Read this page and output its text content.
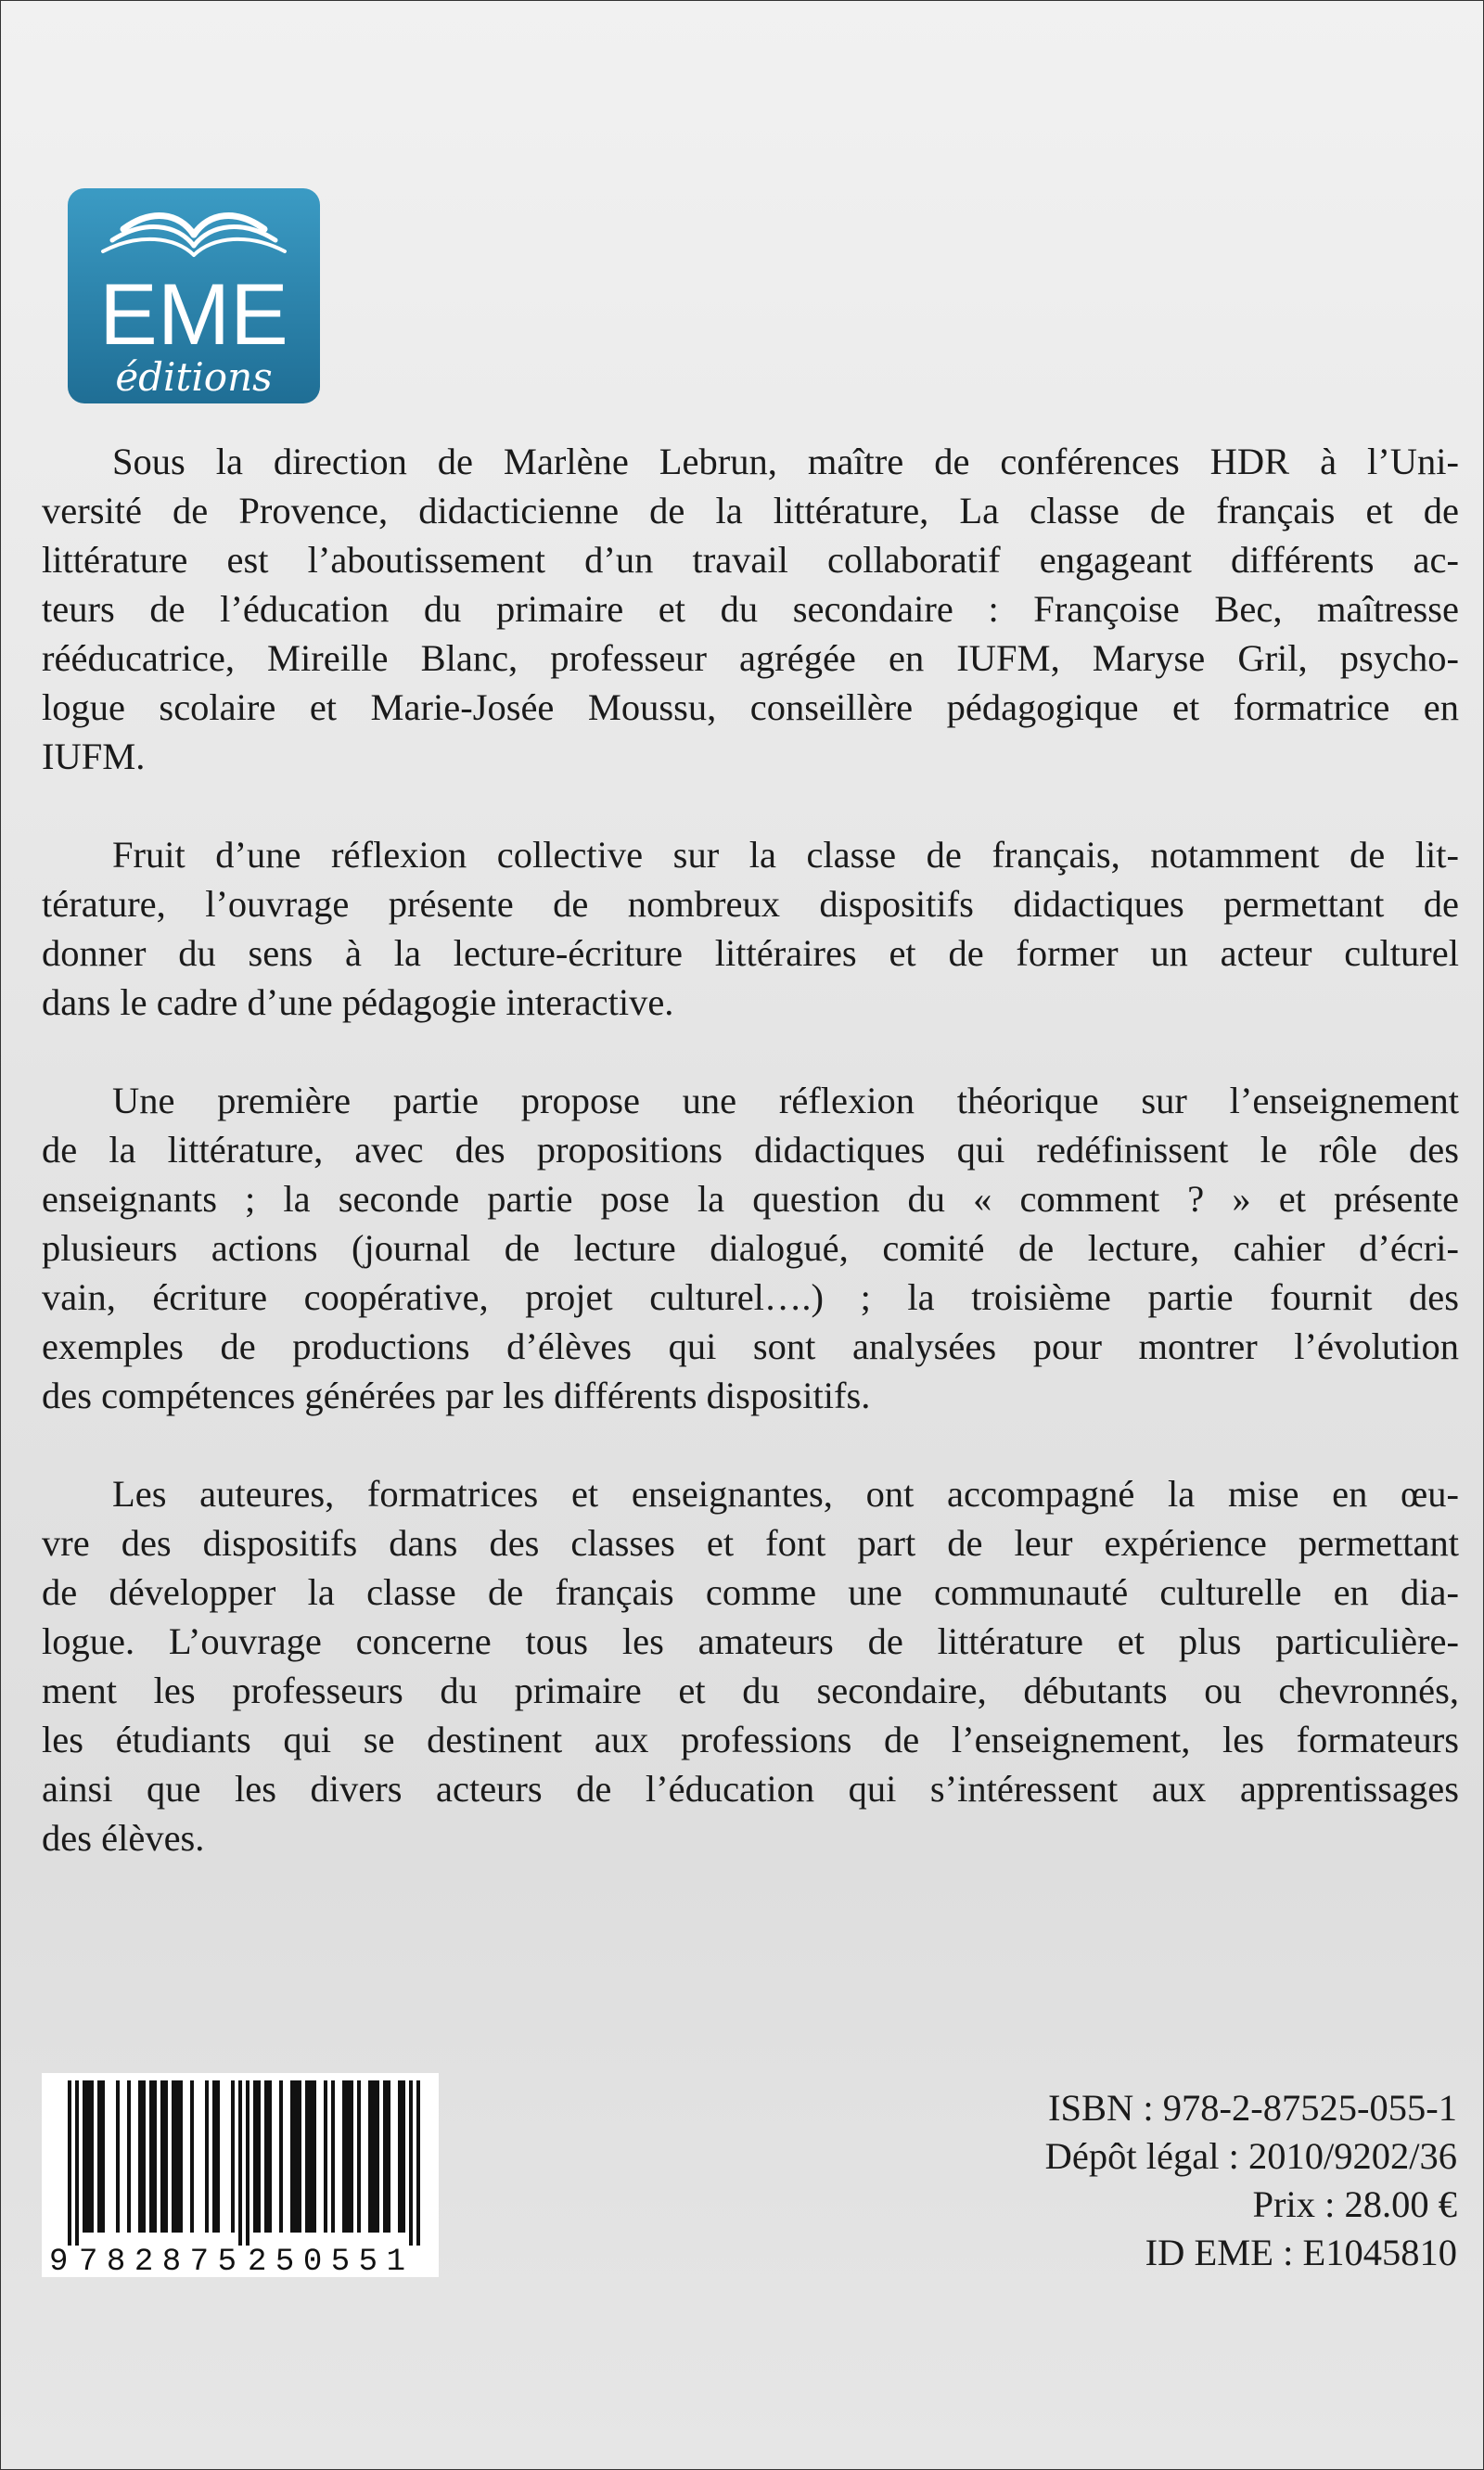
EME
éditions
Sous la direction de Marlène Lebrun, maître de conférences HDR à l’Uni-
versité de Provence, didacticienne de la littérature, La classe de français et de
littérature est l’aboutissement d’un travail collaboratif engageant différents ac-
teurs de l’éducation du primaire et du secondaire : Françoise Bec, maîtresse
rééducatrice, Mireille Blanc, professeur agrégée en IUFM, Maryse Gril, psycho-
logue scolaire et Marie-Josée Moussu, conseillère pédagogique et formatrice en
IUFM.
Fruit d’une réflexion collective sur la classe de français, notamment de lit-
térature, l’ouvrage présente de nombreux dispositifs didactiques permettant de
donner du sens à la lecture-écriture littéraires et de former un acteur culturel
dans le cadre d’une pédagogie interactive.
Une première partie propose une réflexion théorique sur l’enseignement
de la littérature, avec des propositions didactiques qui redéfinissent le rôle des
enseignants ; la seconde partie pose la question du « comment ? » et présente
plusieurs actions (journal de lecture dialogué, comité de lecture, cahier d’écri-
vain, écriture coopérative, projet culturel….) ; la troisième partie fournit des
exemples de productions d’élèves qui sont analysées pour montrer l’évolution
des compétences générées par les différents dispositifs.
Les auteures, formatrices et enseignantes, ont accompagné la mise en œu-
vre des dispositifs dans des classes et font part de leur expérience permettant
de développer la classe de français comme une communauté culturelle en dia-
logue. L’ouvrage concerne tous les amateurs de littérature et plus particulière-
ment les professeurs du primaire et du secondaire, débutants ou chevronnés,
les étudiants qui se destinent aux professions de l’enseignement, les formateurs
ainsi que les divers acteurs de l’éducation qui s’intéressent aux apprentissages
des élèves.
9 782875 250551
ISBN : 978-2-87525-055-1
Dépôt légal : 2010/9202/36
Prix : 28.00 €
ID EME : E1045810
